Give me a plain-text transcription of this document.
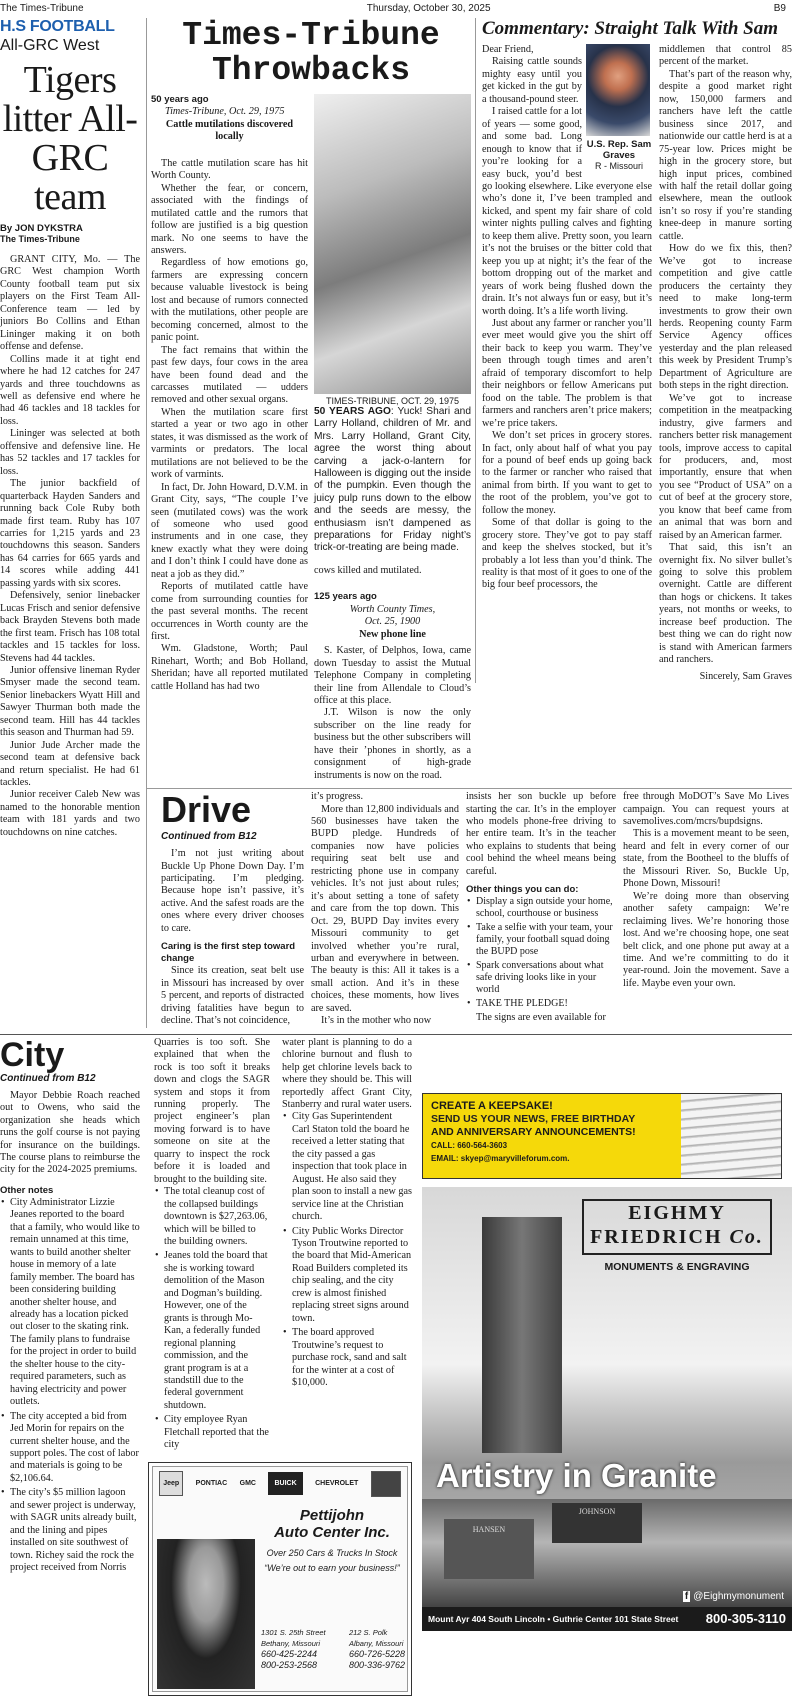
The Times-Tribune	Thursday, October 30, 2025	B9
H.S FOOTBALL
All-GRC West
Tigers litter All-GRC team
By JON DYKSTRA
The Times-Tribune

GRANT CITY, Mo. — The GRC West champion Worth County football team put six players on the First Team All-Conference team — led by juniors Bo Collins and Ethan Lininger making it on both offense and defense.

Collins made it at tight end where he had 12 catches for 247 yards and three touchdowns as well as defensive end where he had 46 tackles and 18 tackles for loss.

Lininger was selected at both offensive and defensive line. He has 52 tackles and 17 tackles for loss.

The junior backfield of quarterback Hayden Sanders and running back Cole Ruby both made first team. Ruby has 107 carries for 1,215 yards and 23 touchdowns this season. Sanders has 64 carries for 665 yards and 14 scores while adding 441 passing yards with six scores.

Defensively, senior linebacker Lucas Frisch and senior defensive back Brayden Stevens both made the first team. Frisch has 108 total tackles and 15 tackles for loss. Stevens had 44 tackles.

Junior offensive lineman Ryder Smyser made the second team. Senior linebackers Wyatt Hill and Sawyer Thurman both made the second team. Hill has 44 tackles this season and Thurman had 59.

Junior Jude Archer made the second team at defensive back and return specialist. He had 61 tackles.

Junior receiver Caleb New was named to the honorable mention team with 181 yards and two touchdowns on nine catches.

Times-Tribune
Throwbacks
50 years ago
Times-Tribune, Oct. 29, 1975
Cattle mutilations discovered locally

The cattle mutilation scare has hit Worth County.

Whether the fear, or concern, associated with the findings of mutilated cattle and the rumors that follow are justified is a big question mark. No one seems to have the answers.

Regardless of how emotions go, farmers are expressing concern because valuable livestock is being lost and because of rumors connected with the mutilations, other people are becoming concerned, almost to the panic point.

The fact remains that within the past few days, four cows in the area have been found dead and the carcasses mutilated — udders removed and other sexual organs.

When the mutilation scare first started a year or two ago in other states, it was dismissed as the work of varmints or predators. The local mutilations are not believed to be the work of varmints.

In fact, Dr. John Howard, D.V.M. in Grant City, says, “The couple I’ve seen (mutilated cows) was the work of someone who used good instruments and in one case, they knew exactly what they were doing and I don’t think I could have done as neat a job as they did.”

Reports of mutilated cattle have come from surrounding counties for the past several months. The recent occurrences in Worth county are the first.

Wm. Gladstone, Worth; Paul Rinehart, Worth; and Bob Holland, Sheridan; have all reported mutilated cattle Holland has had two

TIMES-TRIBUNE, OCT. 29, 1975
50 YEARS AGO: Yuck! Shari and Larry Holland, children of Mr. and Mrs. Larry Holland, Grant City, agree the worst thing about carving a jack-o-lantern for Halloween is digging out the inside of the pumpkin. Even though the juicy pulp runs down to the elbow and the seeds are messy, the enthusiasm isn’t dampened as preparations for Friday night’s trick-or-treating are being made.

cows killed and mutilated.

125 years ago
Worth County Times,
Oct. 25, 1900
New phone line

S. Kaster, of Delphos, Iowa, came down Tuesday to assist the Mutual Telephone Company in completing their line from Allendale to Cloud’s office at this place.

J.T. Wilson is now the only subscriber on the line ready for business but the other subscribers will have their ’phones in shortly, as a consignment of high-grade instruments is now on the road.

Commentary: Straight Talk With Sam
U.S. Rep. Sam Graves
R - Missouri

Dear Friend,

Raising cattle sounds mighty easy until you get kicked in the gut by a thousand-pound steer.

I raised cattle for a lot of years — some good, and some bad. Long enough to know that if you’re looking for a easy buck, you’d best go looking elsewhere. Like everyone else who’s done it, I’ve been trampled and kicked, and spent my fair share of cold winter nights pulling calves and fighting to keep them alive. Pretty soon, you learn it’s not the bruises or the bitter cold that keep you up at night; it’s the fear of the bottom dropping out of the market and years of work being flushed down the drain. It’s not always fun or easy, but it’s worth doing. It’s a life worth living.

Just about any farmer or rancher you’ll ever meet would give you the shirt off their back to keep you warm. They’ve been through tough times and aren’t afraid of temporary discomfort to help their neighbors or fellow Americans put food on the table. The problem is that farmers and ranchers aren’t price makers; we’re price takers.

We don’t set prices in grocery stores. In fact, only about half of what you pay for a pound of beef ends up going back to the farmer or rancher who raised that animal from birth. If you want to get to the root of the problem, you’ve got to follow the money.

Some of that dollar is going to the grocery store. They’ve got to pay staff and keep the shelves stocked, but it’s probably a lot less than you’d think. The reality is that most of it goes to one of the big four beef processors, the

middlemen that control 85 percent of the market.

That’s part of the reason why, despite a good market right now, 150,000 farmers and ranchers have left the cattle business since 2017, and nationwide our cattle herd is at a 75-year low. Prices might be high in the grocery store, but high input prices, combined with half the retail dollar going elsewhere, mean the outlook isn’t so rosy if you’re standing knee-deep in manure sorting cattle.

How do we fix this, then? We’ve got to increase competition and give cattle producers the certainty they need to make long-term investments to grow their own herds. Reopening county Farm Service Agency offices yesterday and the plan released this week by President Trump’s Department of Agriculture are both steps in the right direction.

We’ve got to increase competition in the meatpacking industry, give farmers and ranchers better risk management tools, improve access to capital for producers, and, most importantly, ensure that when you see “Product of USA” on a cut of beef at the grocery store, you know that beef came from an animal that was born and raised by an American farmer.

That said, this isn’t an overnight fix. No silver bullet’s going to solve this problem overnight. Cattle are different than hogs or chickens. It takes years, not months or weeks, to increase beef production. The best thing we can do right now is stand with American farmers and ranchers.

Sincerely, Sam Graves
Drive
Continued from B12

I’m not just writing about Buckle Up Phone Down Day. I’m participating. I’m pledging. Because hope isn’t passive, it’s active. And the safest roads are the ones where every driver chooses to care.

Caring is the first step toward change

Since its creation, seat belt use in Missouri has increased by over 5 percent, and reports of distracted driving fatalities have begun to decline. That’s not coincidence,

it’s progress.

More than 12,800 individuals and 560 businesses have taken the BUPD pledge. Hundreds of companies now have policies requiring seat belt use and restricting phone use in company vehicles. It’s not just about rules; it’s about setting a tone of safety and care from the top down. This Oct. 29, BUPD Day invites every Missouri community to get involved whether you’re rural, urban and everywhere in between. The beauty is this: All it takes is a small action. And it’s in these choices, these moments, how lives are saved.

It’s in the mother who now

insists her son buckle up before starting the car. It’s in the employer who models phone-free driving to her entire team. It’s in the teacher who explains to students that being cool behind the wheel means being careful.

Other things you can do:
• Display a sign outside your home, school, courthouse or business
• Take a selfie with your team, your family, your football squad doing the BUPD pose
• Spark conversations about what safe driving looks like in your world
• TAKE THE PLEDGE!

The signs are even available for

free through MoDOT’s Save Mo Lives campaign. You can request yours at savemolives.com/mcrs/bupdsigns.

This is a movement meant to be seen, heard and felt in every corner of our state, from the Bootheel to the bluffs of the Missouri River. So, Buckle Up, Phone Down, Missouri!

We’re doing more than observing another safety campaign: We’re reclaiming lives. We’re honoring those lost. And we’re choosing hope, one seat belt click, and one phone put away at a time. And we’re committing to do it year-round. Join the movement. Save a life. Maybe even your own.

City
Continued from B12

Mayor Debbie Roach reached out to Owens, who said the organization she heads which runs the golf course is not paying for insurance on the buildings. The course plans to reimburse the city for the 2024-2025 premiums.

Other notes
• City Administrator Lizzie Jeanes reported to the board that a family, who would like to remain unnamed at this time, wants to build another shelter house in memory of a late family member. The board has been considering building another shelter house, and already has a location picked out closer to the skating rink. The family plans to fundraise for the project in order to build the shelter house to the city-required parameters, such as having electricity and power outlets.
• The city accepted a bid from Jed Morin for repairs on the current shelter house, and the support poles. The cost of labor and materials is going to be $2,106.64.
• The city’s $5 million lagoon and sewer project is underway, with SAGR units already built, and the lining and pipes installed on site southwest of town. Richey said the rock the project received from Norris

Quarries is too soft. She explained that when the rock is too soft it breaks down and clogs the SAGR system and stops it from running properly. The project engineer’s plan moving forward is to have someone on site at the quarry to inspect the rock before it is loaded and brought to the building site.

• The total cleanup cost of the collapsed buildings downtown is $27,263.06, which will be billed to the building owners.
• Jeanes told the board that she is working toward demolition of the Mason and Dogman’s building. However, one of the grants is through Mo-Kan, a federally funded regional planning commission, and the grant program is at a standstill due to the federal government shutdown.
• City employee Ryan Fletchall reported that the city

water plant is planning to do a chlorine burnout and flush to help get chlorine levels back to where they should be. This will reportedly affect Grant City, Stanberry and rural water users.

• City Gas Superintendent Carl Staton told the board he received a letter stating that the city passed a gas inspection that took place in August. He also said they plan soon to install a new gas service line at the Christian church.
• City Public Works Director Tyson Troutwine reported to the board that Mid-American Road Builders completed its chip sealing, and the city crew is almost finished replacing street signs around town.
• The board approved Troutwine’s request to purchase rock, sand and salt for the winter at a cost of $10,000.
Jeep	PONTIAC GMC	BUICK	CHEVROLET
Pettijohn
Auto Center Inc.
Over 250 Cars & Trucks In Stock
“We’re out to earn your business!”
1301 S. 25th Street
Bethany, Missouri
660-425-2244
800-253-2568
212 S. Polk
Albany, Missouri
660-726-5228
800-336-9762
CREATE A KEEPSAKE!
SEND US YOUR NEWS, FREE BIRTHDAY
AND ANNIVERSARY ANNOUNCEMENTS!
CALL: 660-564-3603
EMAIL: skyep@maryvilleforum.com.
EIGHMY
FRIEDRICH Co.
MONUMENTS & ENGRAVING
Artistry in Granite
HANSEN
JOHNSON
f @Eighmymonument
Mount Ayr 404 South Lincoln • Guthrie Center 101 State Street 800-305-3110
